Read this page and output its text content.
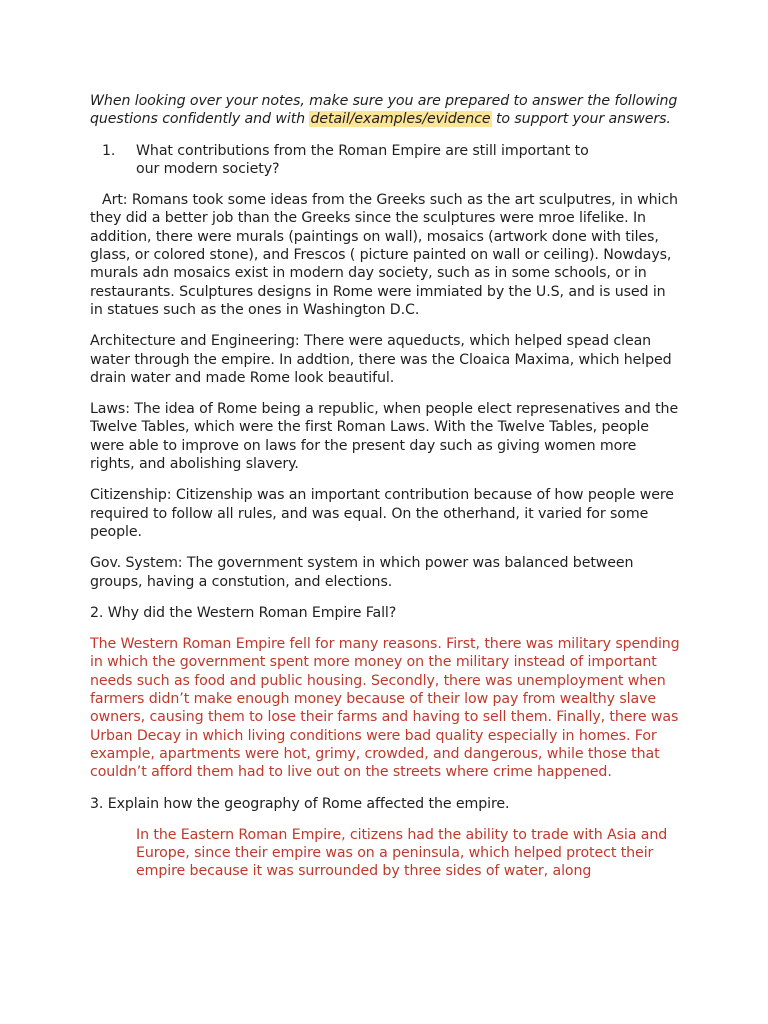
When looking over your notes, make sure you are prepared to answer the following questions confidently and with detail/examples/evidence to support your answers.

1.	What contributions from the Roman Empire are still important to our modern society?

Art: Romans took some ideas from the Greeks such as the art sculputres, in which they did a better job than the Greeks since the sculptures were mroe lifelike. In addition, there were murals (paintings on wall), mosaics (artwork done with tiles, glass, or colored stone), and Frescos ( picture painted on wall or ceiling). Nowdays, murals adn mosaics exist in modern day society, such as in some schools, or in restaurants. Sculptures designs in Rome were immiated by the U.S, and is used in in statues such as the ones in Washington D.C.

Architecture and Engineering: There were aqueducts, which helped spead clean water through the empire. In addtion, there was the Cloaica Maxima, which helped drain water and made Rome look beautiful.

Laws: The idea of Rome being a republic, when people elect represenatives and the Twelve Tables, which were the first Roman Laws. With the Twelve Tables, people were able to improve on laws for the present day such as giving women more rights, and abolishing slavery.

Citizenship: Citizenship was an important contribution because of how people were required to follow all rules, and was equal. On the otherhand, it varied for some people.

Gov. System: The government system in which power was balanced between groups, having a constution, and elections.

2. Why did the Western Roman Empire Fall?

The Western Roman Empire fell for many reasons. First, there was military spending in which the government spent more money on the military instead of important needs such as food and public housing. Secondly, there was unemployment when farmers didn’t make enough money because of their low pay from wealthy slave owners, causing them to lose their farms and having to sell them. Finally, there was Urban Decay in which living conditions were bad quality especially in homes. For example, apartments were hot, grimy, crowded, and dangerous, while those that couldn’t afford them had to live out on the streets where crime happened.

3. Explain how the geography of Rome affected the empire.

In the Eastern Roman Empire, citizens had the ability to trade with Asia and Europe, since their empire was on a peninsula, which helped protect their empire because it was surrounded by three sides of water, along
